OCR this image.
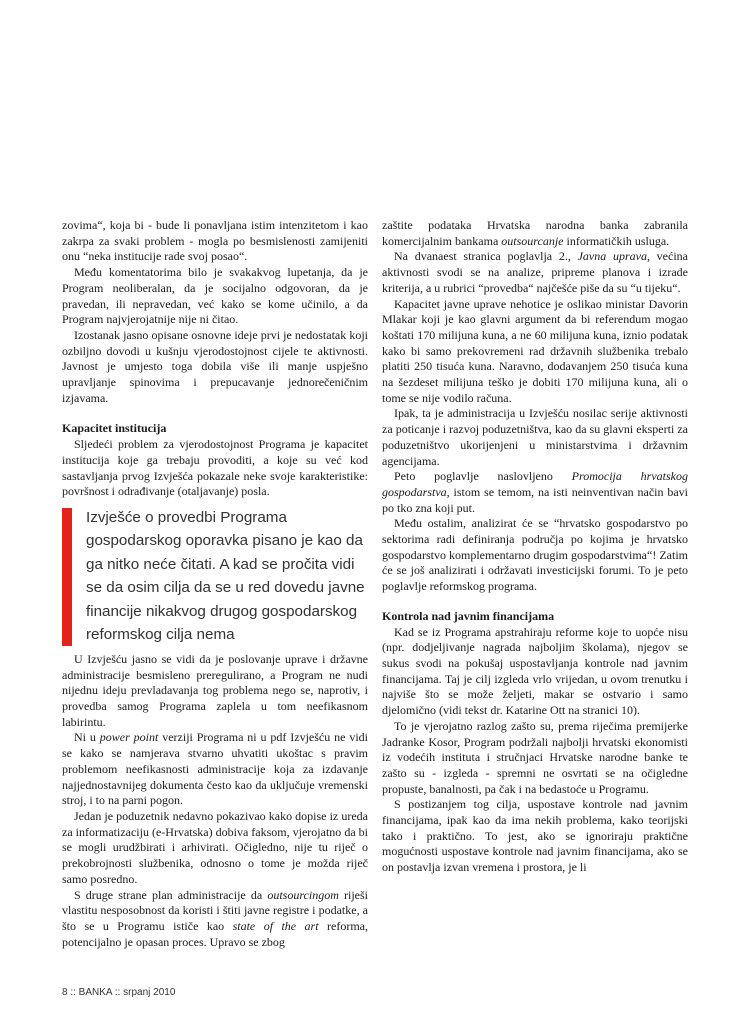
zovima“, koja bi - bude li ponavljana istim intenzitetom i kao zakrpa za svaki problem - mogla po besmislenosti zamijeniti onu “neka institucije rade svoj posao“.

Među komentatorima bilo je svakakvog lupetanja, da je Program neoliberalan, da je socijalno odgovoran, da je pravedan, ili nepravedan, već kako se kome učinilo, a da Program najvjerojatnije nije ni čitao.

Izostanak jasno opisane osnovne ideje prvi je nedostatak koji ozbiljno dovodi u kušnju vjerodostojnost cijele te aktivnosti. Javnost je umjesto toga dobila više ili manje uspješno upravljanje spinovima i prepucavanje jednorečeničnim izjavama.

Kapacitet institucija

Sljedeći problem za vjerodostojnost Programa je kapacitet institucija koje ga trebaju provoditi, a koje su već kod sastavljanja prvog Izvješća pokazale neke svoje karakteristike: površnost i odrađivanje (otaljavanje) posla.

Izvješće o provedbi Programa gospodarskog oporavka pisano je kao da ga nitko neće čitati. A kad se pročita vidi se da osim cilja da se u red dovedu javne financije nikakvog drugog gospodarskog reformskog cilja nema

U Izvješću jasno se vidi da je poslovanje uprave i državne administracije besmisleno preregulirano, a Program ne nudi nijednu ideju prevladavanja tog problema nego se, naprotiv, i provedba samog Programa zaplela u tom neefikasnom labirintu.

Ni u power point verziji Programa ni u pdf Izvješću ne vidi se kako se namjerava stvarno uhvatiti ukoštac s pravim problemom neefikasnosti administracije koja za izdavanje najjednostavnijeg dokumenta često kao da uključuje vremenski stroj, i to na parni pogon.

Jedan je poduzetnik nedavno pokazivao kako dopise iz ureda za informatizaciju (e-Hrvatska) dobiva faksom, vjerojatno da bi se mogli urudžbirati i arhivirati. Očigledno, nije tu riječ o prekobrojnosti službenika, odnosno o tome je možda riječ samo posredno.

S druge strane plan administracije da outsourcingom riješi vlastitu nesposobnost da koristi i štiti javne registre i podatke, a što se u Programu ističe kao state of the art reforma, potencijalno je opasan proces. Upravo se zbog

zaštite podataka Hrvatska narodna banka zabranila komercijalnim bankama outsourcanje informatičkih usluga.

Na dvanaest stranica poglavlja 2., Javna uprava, većina aktivnosti svodi se na analize, pripreme planova i izrade kriterija, a u rubrici “provedba“ najčešće piše da su “u tijeku“.

Kapacitet javne uprave nehotice je oslikao ministar Davorin Mlakar koji je kao glavni argument da bi referendum mogao koštati 170 milijuna kuna, a ne 60 milijuna kuna, iznio podatak kako bi samo prekovremeni rad državnih službenika trebalo platiti 250 tisuća kuna. Naravno, dodavanjem 250 tisuća kuna na šezdeset milijuna teško je dobiti 170 milijuna kuna, ali o tome se nije vodilo računa.

Ipak, ta je administracija u Izvješću nosilac serije aktivnosti za poticanje i razvoj poduzetništva, kao da su glavni eksperti za poduzetništvo ukorijenjeni u ministarstvima i državnim agencijama.

Peto poglavlje naslovljeno Promocija hrvatskog gospodarstva, istom se temom, na isti neinventivan način bavi po tko zna koji put.

Među ostalim, analizirat će se “hrvatsko gospodarstvo po sektorima radi definiranja područja po kojima je hrvatsko gospodarstvo komplementarno drugim gospodarstvima“! Zatim će se još analizirati i održavati investicijski forumi. To je peto poglavlje reformskog programa.

Kontrola nad javnim financijama

Kad se iz Programa apstrahiraju reforme koje to uopće nisu (npr. dodjeljivanje nagrada najboljim školama), njegov se sukus svodi na pokušaj uspostavljanja kontrole nad javnim financijama. Taj je cilj izgleda vrlo vrijedan, u ovom trenutku i najviše što se može željeti, makar se ostvario i samo djelomično (vidi tekst dr. Katarine Ott na stranici 10).

To je vjerojatno razlog zašto su, prema riječima premijerke Jadranke Kosor, Program podržali najbolji hrvatski ekonomisti iz vodećih instituta i stručnjaci Hrvatske narodne banke te zašto su - izgleda - spremni ne osvrtati se na očigledne propuste, banalnosti, pa čak i na bedastoće u Programu.

S postizanjem tog cilja, uspostave kontrole nad javnim financijama, ipak kao da ima nekih problema, kako teorijski tako i praktično. To jest, ako se ignoriraju praktične mogućnosti uspostave kontrole nad javnim financijama, ako se on postavlja izvan vremena i prostora, je li

8 :: BANKA :: srpanj 2010
